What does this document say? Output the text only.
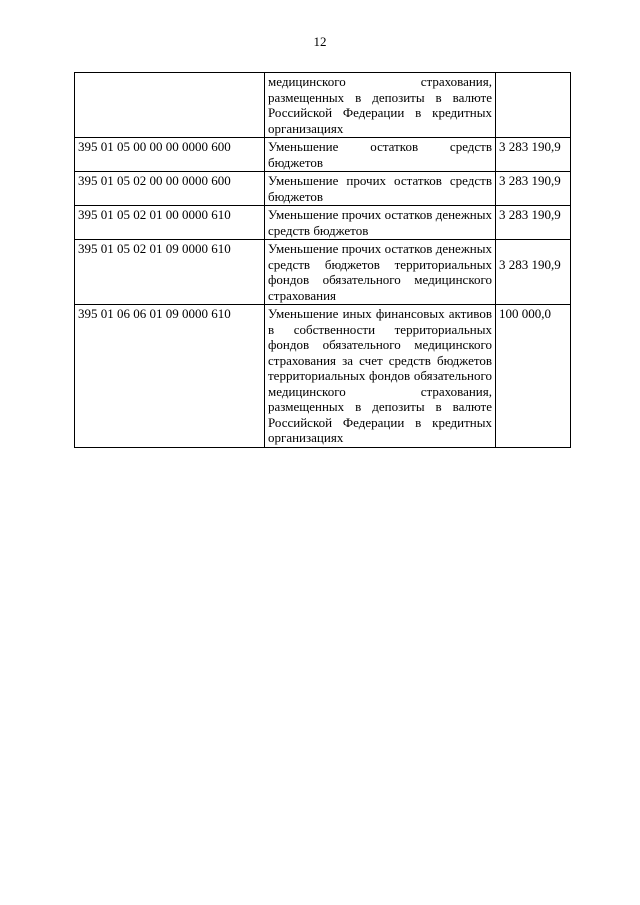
12
	медицинского страхования, размещенных в депозиты в валюте Российской Федерации в кредитных организациях	
395 01 05 00 00 00 0000 600	Уменьшение остатков средств бюджетов	3 283 190,9
395 01 05 02 00 00 0000 600	Уменьшение прочих остатков средств бюджетов	3 283 190,9
395 01 05 02 01 00 0000 610	Уменьшение прочих остатков денежных средств бюджетов	3 283 190,9
395 01 05 02 01 09 0000 610	Уменьшение прочих остатков денежных средств бюджетов территориальных фондов обязательного медицинского страхования	3 283 190,9
395 01 06 06 01 09 0000 610	Уменьшение иных финансовых активов в собственности территориальных фондов обязательного медицинского страхования за счет средств бюджетов территориальных фондов обязательного медицинского страхования, размещенных в депозиты в валюте Российской Федерации в кредитных организациях	100 000,0
